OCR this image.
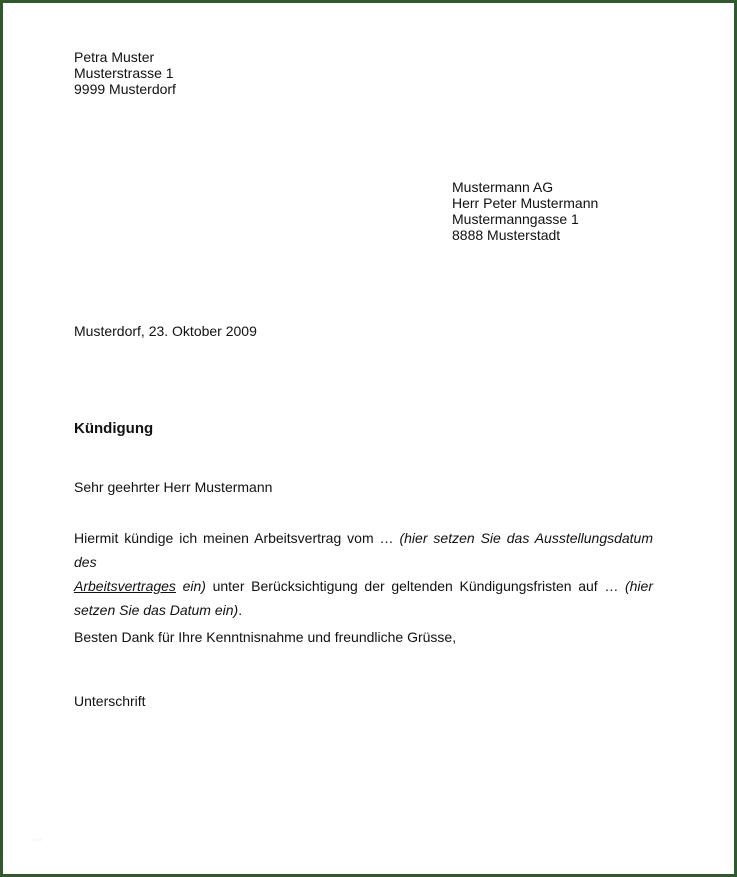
Petra Muster
Musterstrasse 1
9999 Musterdorf
Mustermann AG
Herr Peter Mustermann
Mustermanngasse 1
8888 Musterstadt
Musterdorf, 23. Oktober 2009
Kündigung
Sehr geehrter Herr Mustermann
Hiermit kündige ich meinen Arbeitsvertrag vom … (hier setzen Sie das Ausstellungsdatum des
Arbeitsvertrages ein) unter Berücksichtigung der geltenden Kündigungsfristen auf … (hier
setzen Sie das Datum ein).
Besten Dank für Ihre Kenntnisnahme und freundliche Grüsse,
Unterschrift
◦◦◦◦
